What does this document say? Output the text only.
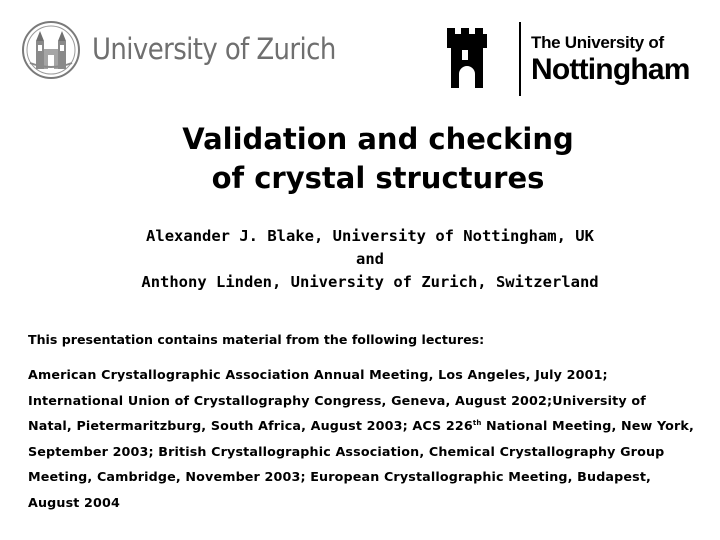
University of Zurich	The University of
Nottingham
Validation and checking
of crystal structures
Alexander J. Blake, University of Nottingham, UK
and
Anthony Linden, University of Zurich, Switzerland
This presentation contains material from the following lectures:
American Crystallographic Association Annual Meeting, Los Angeles, July 2001;
International Union of Crystallography Congress, Geneva, August 2002;University of
Natal, Pietermaritzburg, South Africa, August 2003; ACS 226th National Meeting, New York,
September 2003; British Crystallographic Association, Chemical Crystallography Group
Meeting, Cambridge, November 2003; European Crystallographic Meeting, Budapest,
August 2004
